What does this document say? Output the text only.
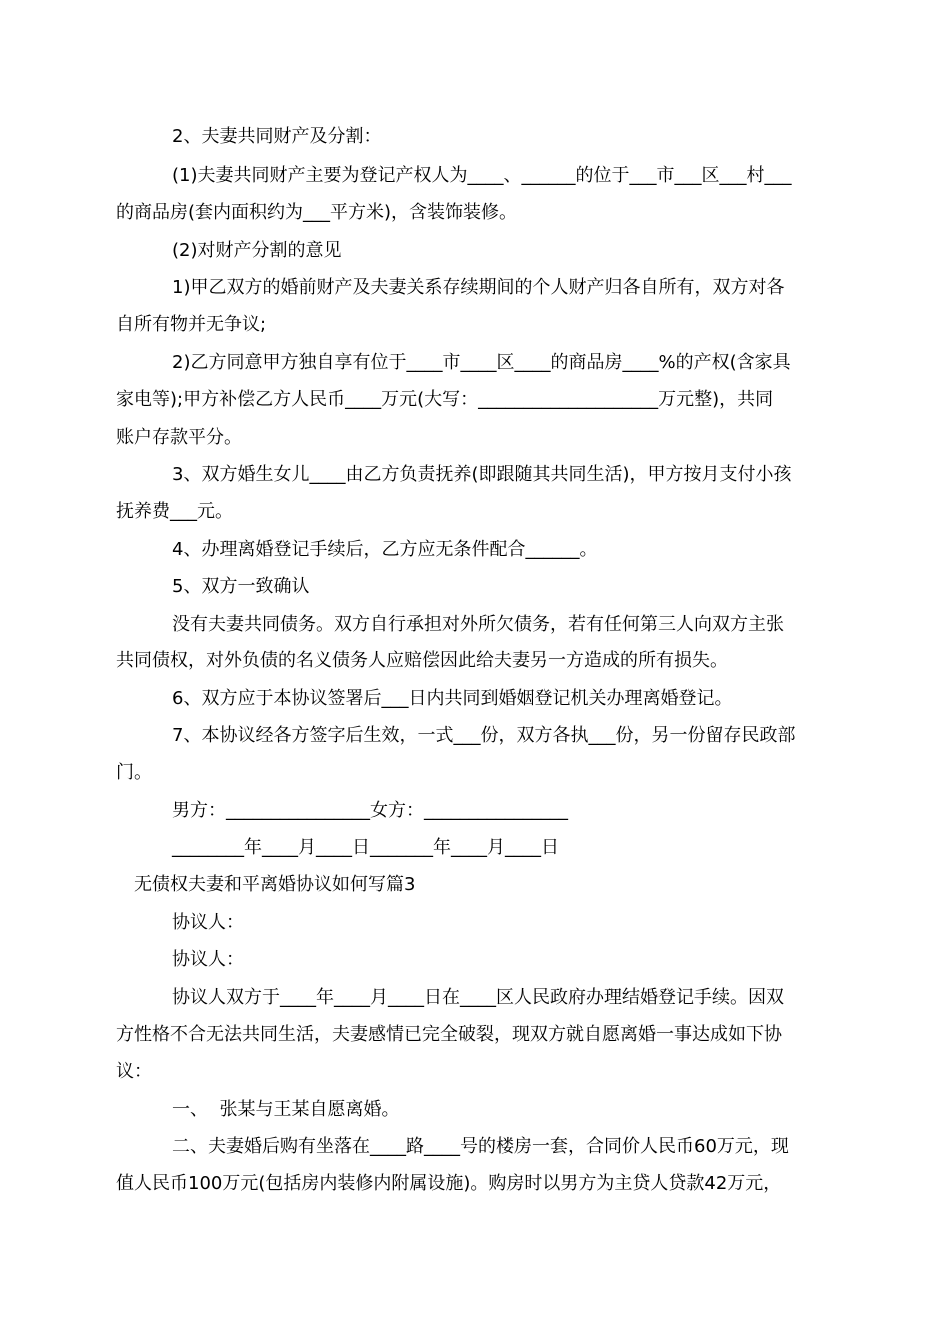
2、夫妻共同财产及分割：
(1)夫妻共同财产主要为登记产权人为____、______的位于___市___区___村___
的商品房(套内面积约为___平方米)，含装饰装修。
(2)对财产分割的意见
1)甲乙双方的婚前财产及夫妻关系存续期间的个人财产归各自所有，双方对各
自所有物并无争议;
2)乙方同意甲方独自享有位于____市____区____的商品房____%的产权(含家具
家电等);甲方补偿乙方人民币____万元(大写：____________________万元整)，共同
账户存款平分。
3、双方婚生女儿____由乙方负责抚养(即跟随其共同生活)，甲方按月支付小孩
抚养费___元。
4、办理离婚登记手续后，乙方应无条件配合______。
5、双方一致确认
没有夫妻共同债务。双方自行承担对外所欠债务，若有任何第三人向双方主张
共同债权，对外负债的名义债务人应赔偿因此给夫妻另一方造成的所有损失。
6、双方应于本协议签署后___日内共同到婚姻登记机关办理离婚登记。
7、本协议经各方签字后生效，一式___份，双方各执___份，另一份留存民政部
门。
男方：________________女方：________________
________年____月____日_______年____月____日
无债权夫妻和平离婚协议如何写篇3
协议人：
协议人：
协议人双方于____年____月____日在____区人民政府办理结婚登记手续。因双
方性格不合无法共同生活，夫妻感情已完全破裂，现双方就自愿离婚一事达成如下协
议：
一、  张某与王某自愿离婚。
二、夫妻婚后购有坐落在____路____号的楼房一套，合同价人民币60万元，现
值人民币100万元(包括房内装修内附属设施)。购房时以男方为主贷人贷款42万元，
